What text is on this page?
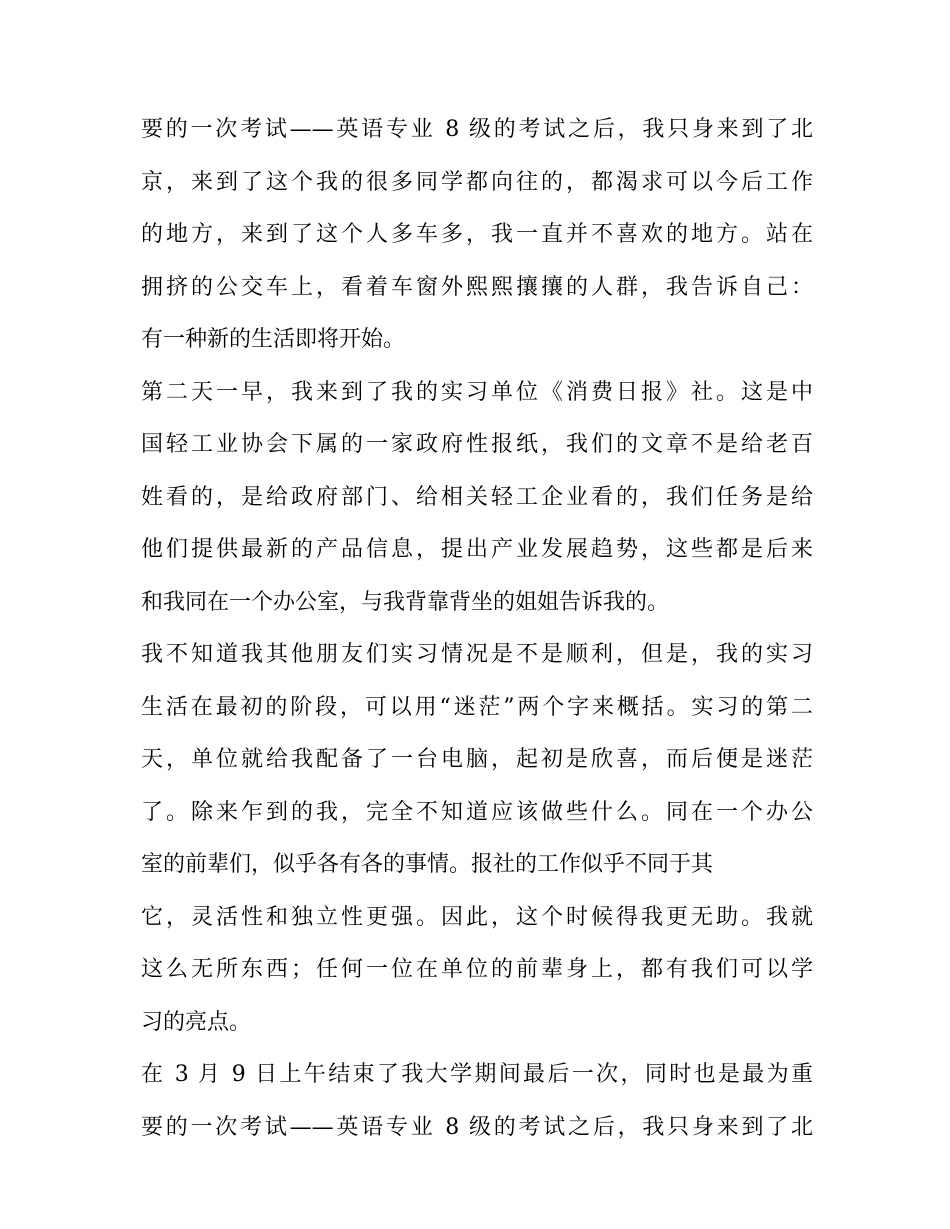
要的一次考试——英语专业 8 级的考试之后，我只身来到了北
京，来到了这个我的很多同学都向往的，都渴求可以今后工作
的地方，来到了这个人多车多，我一直并不喜欢的地方。站在
拥挤的公交车上，看着车窗外熙熙攘攘的人群，我告诉自己：
有一种新的生活即将开始。
第二天一早，我来到了我的实习单位《消费日报》社。这是中
国轻工业协会下属的一家政府性报纸，我们的文章不是给老百
姓看的，是给政府部门、给相关轻工企业看的，我们任务是给
他们提供最新的产品信息，提出产业发展趋势，这些都是后来
和我同在一个办公室，与我背靠背坐的姐姐告诉我的。
我不知道我其他朋友们实习情况是不是顺利，但是，我的实习
生活在最初的阶段，可以用“迷茫”两个字来概括。实习的第二
天，单位就给我配备了一台电脑，起初是欣喜，而后便是迷茫
了。除来乍到的我，完全不知道应该做些什么。同在一个办公
室的前辈们，似乎各有各的事情。报社的工作似乎不同于其
它，灵活性和独立性更强。因此，这个时候得我更无助。我就
这么无所东西；任何一位在单位的前辈身上，都有我们可以学
习的亮点。
在 3 月 9 日上午结束了我大学期间最后一次，同时也是最为重
要的一次考试——英语专业 8 级的考试之后，我只身来到了北
